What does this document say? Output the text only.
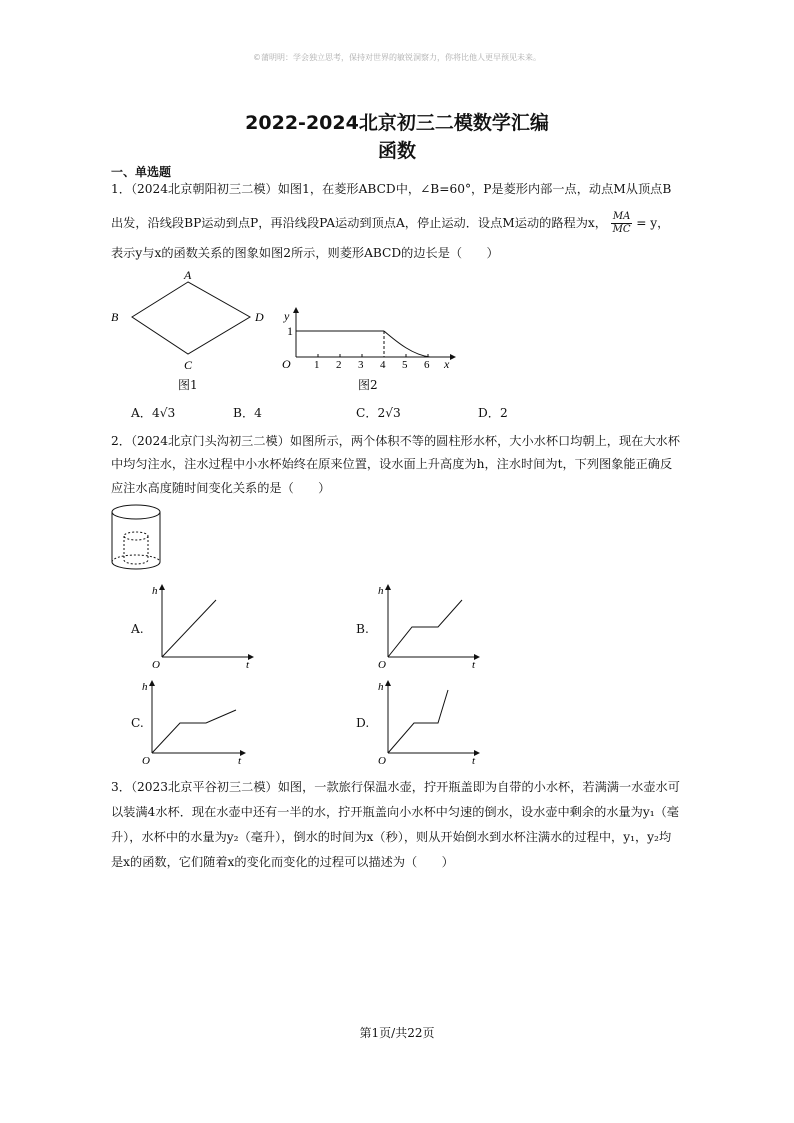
©蒲明明：学会独立思考，保持对世界的敏锐洞察力，你将比他人更早预见未来。
2022-2024北京初三二模数学汇编
函数
一、单选题
1．（2024北京朝阳初三二模）如图1，在菱形ABCD中，∠B=60°，P是菱形内部一点，动点M从顶点B
出发，沿线段BP运动到点P，再沿线段PA运动到顶点A，停止运动．设点M运动的路程为x， $\frac{MA}{MC} = y$，
表示y与x的函数关系的图象如图2所示，则菱形ABCD的边长是（　　）
A
B
C
D
图1
y
1
O 1 2 3 4 5 6 x
图2
A．4√3	B．4	C．2√3	D．2
2．（2024北京门头沟初三二模）如图所示，两个体积不等的圆柱形水杯，大小水杯口均朝上，现在大水杯
中均匀注水，注水过程中小水杯始终在原来位置，设水面上升高度为h，注水时间为t，下列图象能正确反
应注水高度随时间变化关系的是（　　）
A.
h
O	t
B.
h
O	t
C.
h
O	t
D.
h
O	t
3．（2023北京平谷初三二模）如图，一款旅行保温水壶，拧开瓶盖即为自带的小水杯，若满满一水壶水可
以装满4水杯．现在水壶中还有一半的水，拧开瓶盖向小水杯中匀速的倒水，设水壶中剩余的水量为y₁（毫
升），水杯中的水量为y₂（毫升），倒水的时间为x（秒），则从开始倒水到水杯注满水的过程中，y₁，y₂均
是x的函数，它们随着x的变化而变化的过程可以描述为（　　）
第1页/共22页
